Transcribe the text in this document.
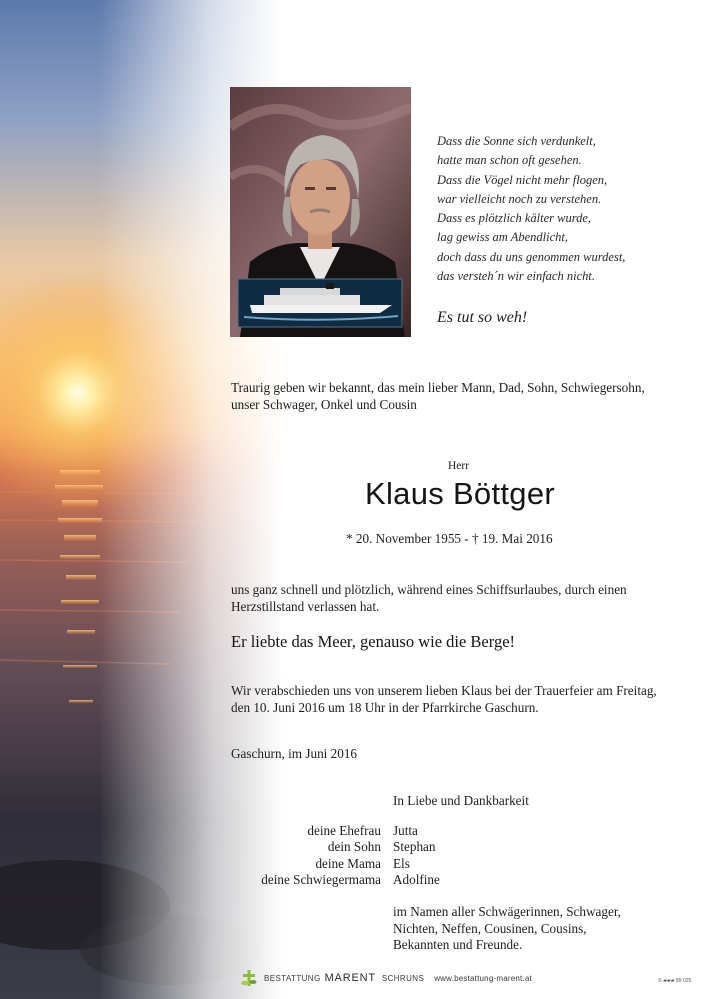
Dass die Sonne sich verdunkelt,
hatte man schon oft gesehen.
Dass die Vögel nicht mehr flogen,
war vielleicht noch zu verstehen.
Dass es plötzlich kälter wurde,
lag gewiss am Abendlicht,
doch dass du uns genommen wurdest,
das versteh´n wir einfach nicht.
Es tut so weh!
Traurig geben wir bekannt, das mein lieber Mann, Dad, Sohn, Schwiegersohn,
unser Schwager, Onkel und Cousin
Herr
Klaus Böttger
* 20. November 1955 - † 19. Mai 2016
uns ganz schnell und plötzlich, während eines Schiffsurlaubes, durch einen
Herzstillstand verlassen hat.
Er liebte das Meer, genauso wie die Berge!
Wir verabschieden uns von unserem lieben Klaus bei der Trauerfeier am Freitag,
den 10. Juni 2016 um 18 Uhr in der Pfarrkirche Gaschurn.
Gaschurn, im Juni 2016
In Liebe und Dankbarkeit
deine Ehefrau Jutta
dein Sohn Stephan
deine Mama Els
deine Schwiegermama Adolfine
im Namen aller Schwägerinnen, Schwager,
Nichten, Neffen, Cousinen, Cousins,
Bekannten und Freunde.
BESTATTUNG MARENT SCHRUNS www.bestattung-marent.at	© ▰▰▰ 89 025
